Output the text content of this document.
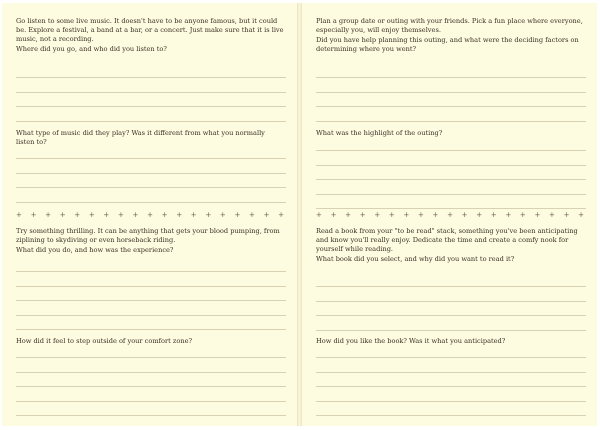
Go listen to some live music. It doesn't have to be anyone famous, but it could be. Explore a festival, a band at a bar, or a concert. Just make sure that it is live music, not a recording.

Where did you go, and who did you listen to?

What type of music did they play? Was it different from what you normally listen to?

+ + + + + + + + + + + + + + + + + + +

Try something thrilling. It can be anything that gets your blood pumping, from ziplining to skydiving or even horseback riding.

What did you do, and how was the experience?

How did it feel to step outside of your comfort zone?

Plan a group date or outing with your friends. Pick a fun place where everyone, especially you, will enjoy themselves.

Did you have help planning this outing, and what were the deciding factors on determining where you went?

What was the highlight of the outing?

+ + + + + + + + + + + + + + + + + + +

Read a book from your "to be read" stack, something you've been anticipating and know you'll really enjoy. Dedicate the time and create a comfy nook for yourself while reading.

What book did you select, and why did you want to read it?

How did you like the book? Was it what you anticipated?
